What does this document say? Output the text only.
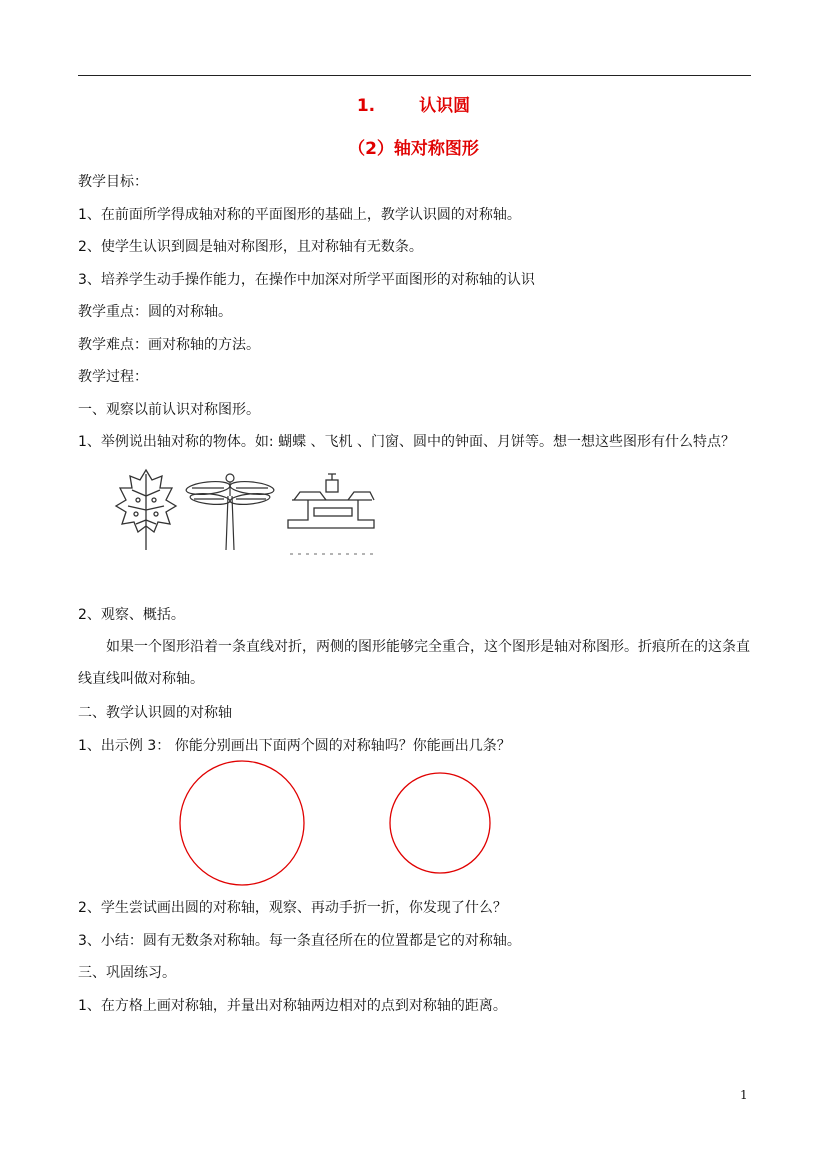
1.	认识圆
（2）轴对称图形
教学目标：
1、在前面所学得成轴对称的平面图形的基础上，教学认识圆的对称轴。
2、使学生认识到圆是轴对称图形，且对称轴有无数条。
3、培养学生动手操作能力，在操作中加深对所学平面图形的对称轴的认识
教学重点：圆的对称轴。
教学难点：画对称轴的方法。
教学过程：
一、观察以前认识对称图形。
1、举例说出轴对称的物体。如: 蝴蝶 、飞机 、门窗、圆中的钟面、月饼等。想一想这些图形有什么特点？
2、观察、概括。
如果一个图形沿着一条直线对折，两侧的图形能够完全重合，这个图形是轴对称图形。折痕所在的这条直线直线叫做对称轴。
二、教学认识圆的对称轴
1、出示例 3： 你能分别画出下面两个圆的对称轴吗？你能画出几条？
2、学生尝试画出圆的对称轴，观察、再动手折一折，你发现了什么？
3、小结：圆有无数条对称轴。每一条直径所在的位置都是它的对称轴。
三、巩固练习。
1、在方格上画对称轴，并量出对称轴两边相对的点到对称轴的距离。
1
